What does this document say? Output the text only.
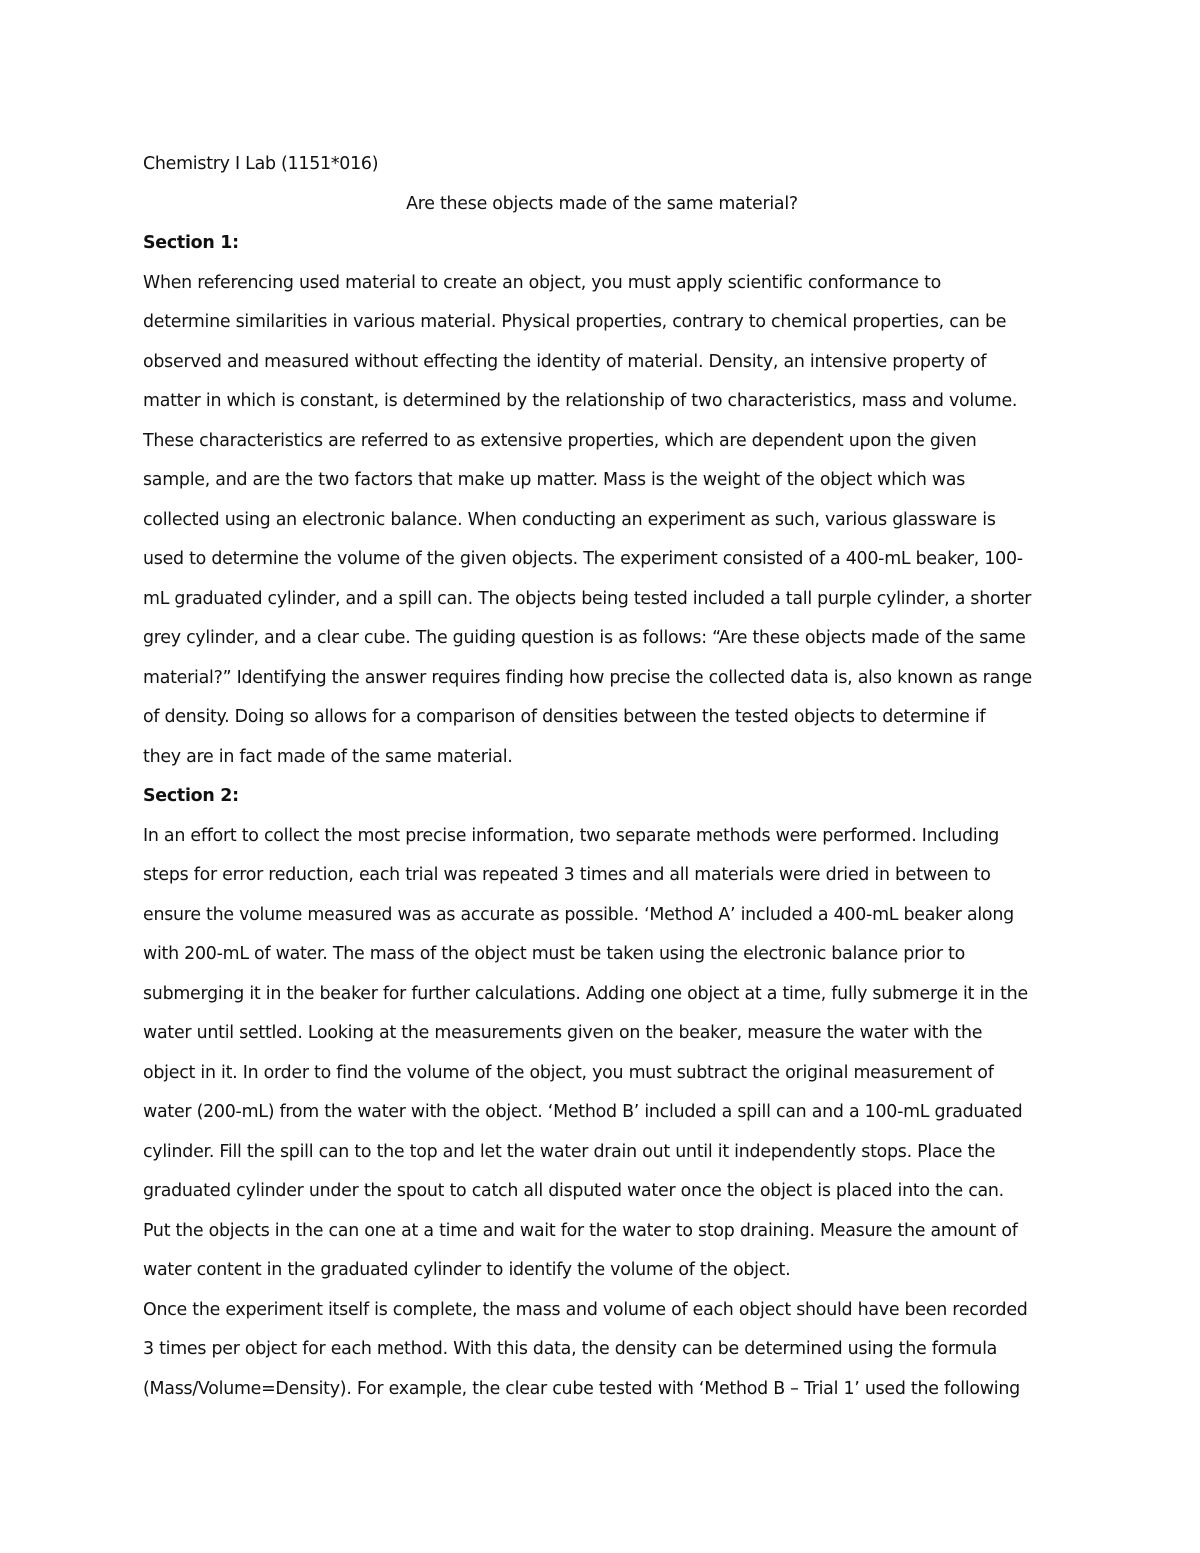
Chemistry I Lab (1151*016)
Are these objects made of the same material?
Section 1:
When referencing used material to create an object, you must apply scientific conformance to
determine similarities in various material. Physical properties, contrary to chemical properties, can be
observed and measured without effecting the identity of material. Density, an intensive property of
matter in which is constant, is determined by the relationship of two characteristics, mass and volume.
These characteristics are referred to as extensive properties, which are dependent upon the given
sample, and are the two factors that make up matter. Mass is the weight of the object which was
collected using an electronic balance. When conducting an experiment as such, various glassware is
used to determine the volume of the given objects. The experiment consisted of a 400-mL beaker, 100-
mL graduated cylinder, and a spill can. The objects being tested included a tall purple cylinder, a shorter
grey cylinder, and a clear cube. The guiding question is as follows: “Are these objects made of the same
material?” Identifying the answer requires finding how precise the collected data is, also known as range
of density. Doing so allows for a comparison of densities between the tested objects to determine if
they are in fact made of the same material.
Section 2:
In an effort to collect the most precise information, two separate methods were performed. Including
steps for error reduction, each trial was repeated 3 times and all materials were dried in between to
ensure the volume measured was as accurate as possible. ‘Method A’ included a 400-mL beaker along
with 200-mL of water. The mass of the object must be taken using the electronic balance prior to
submerging it in the beaker for further calculations. Adding one object at a time, fully submerge it in the
water until settled. Looking at the measurements given on the beaker, measure the water with the
object in it. In order to find the volume of the object, you must subtract the original measurement of
water (200-mL) from the water with the object. ‘Method B’ included a spill can and a 100-mL graduated
cylinder. Fill the spill can to the top and let the water drain out until it independently stops. Place the
graduated cylinder under the spout to catch all disputed water once the object is placed into the can.
Put the objects in the can one at a time and wait for the water to stop draining. Measure the amount of
water content in the graduated cylinder to identify the volume of the object.
Once the experiment itself is complete, the mass and volume of each object should have been recorded
3 times per object for each method. With this data, the density can be determined using the formula
(Mass/Volume=Density). For example, the clear cube tested with ‘Method B – Trial 1’ used the following
